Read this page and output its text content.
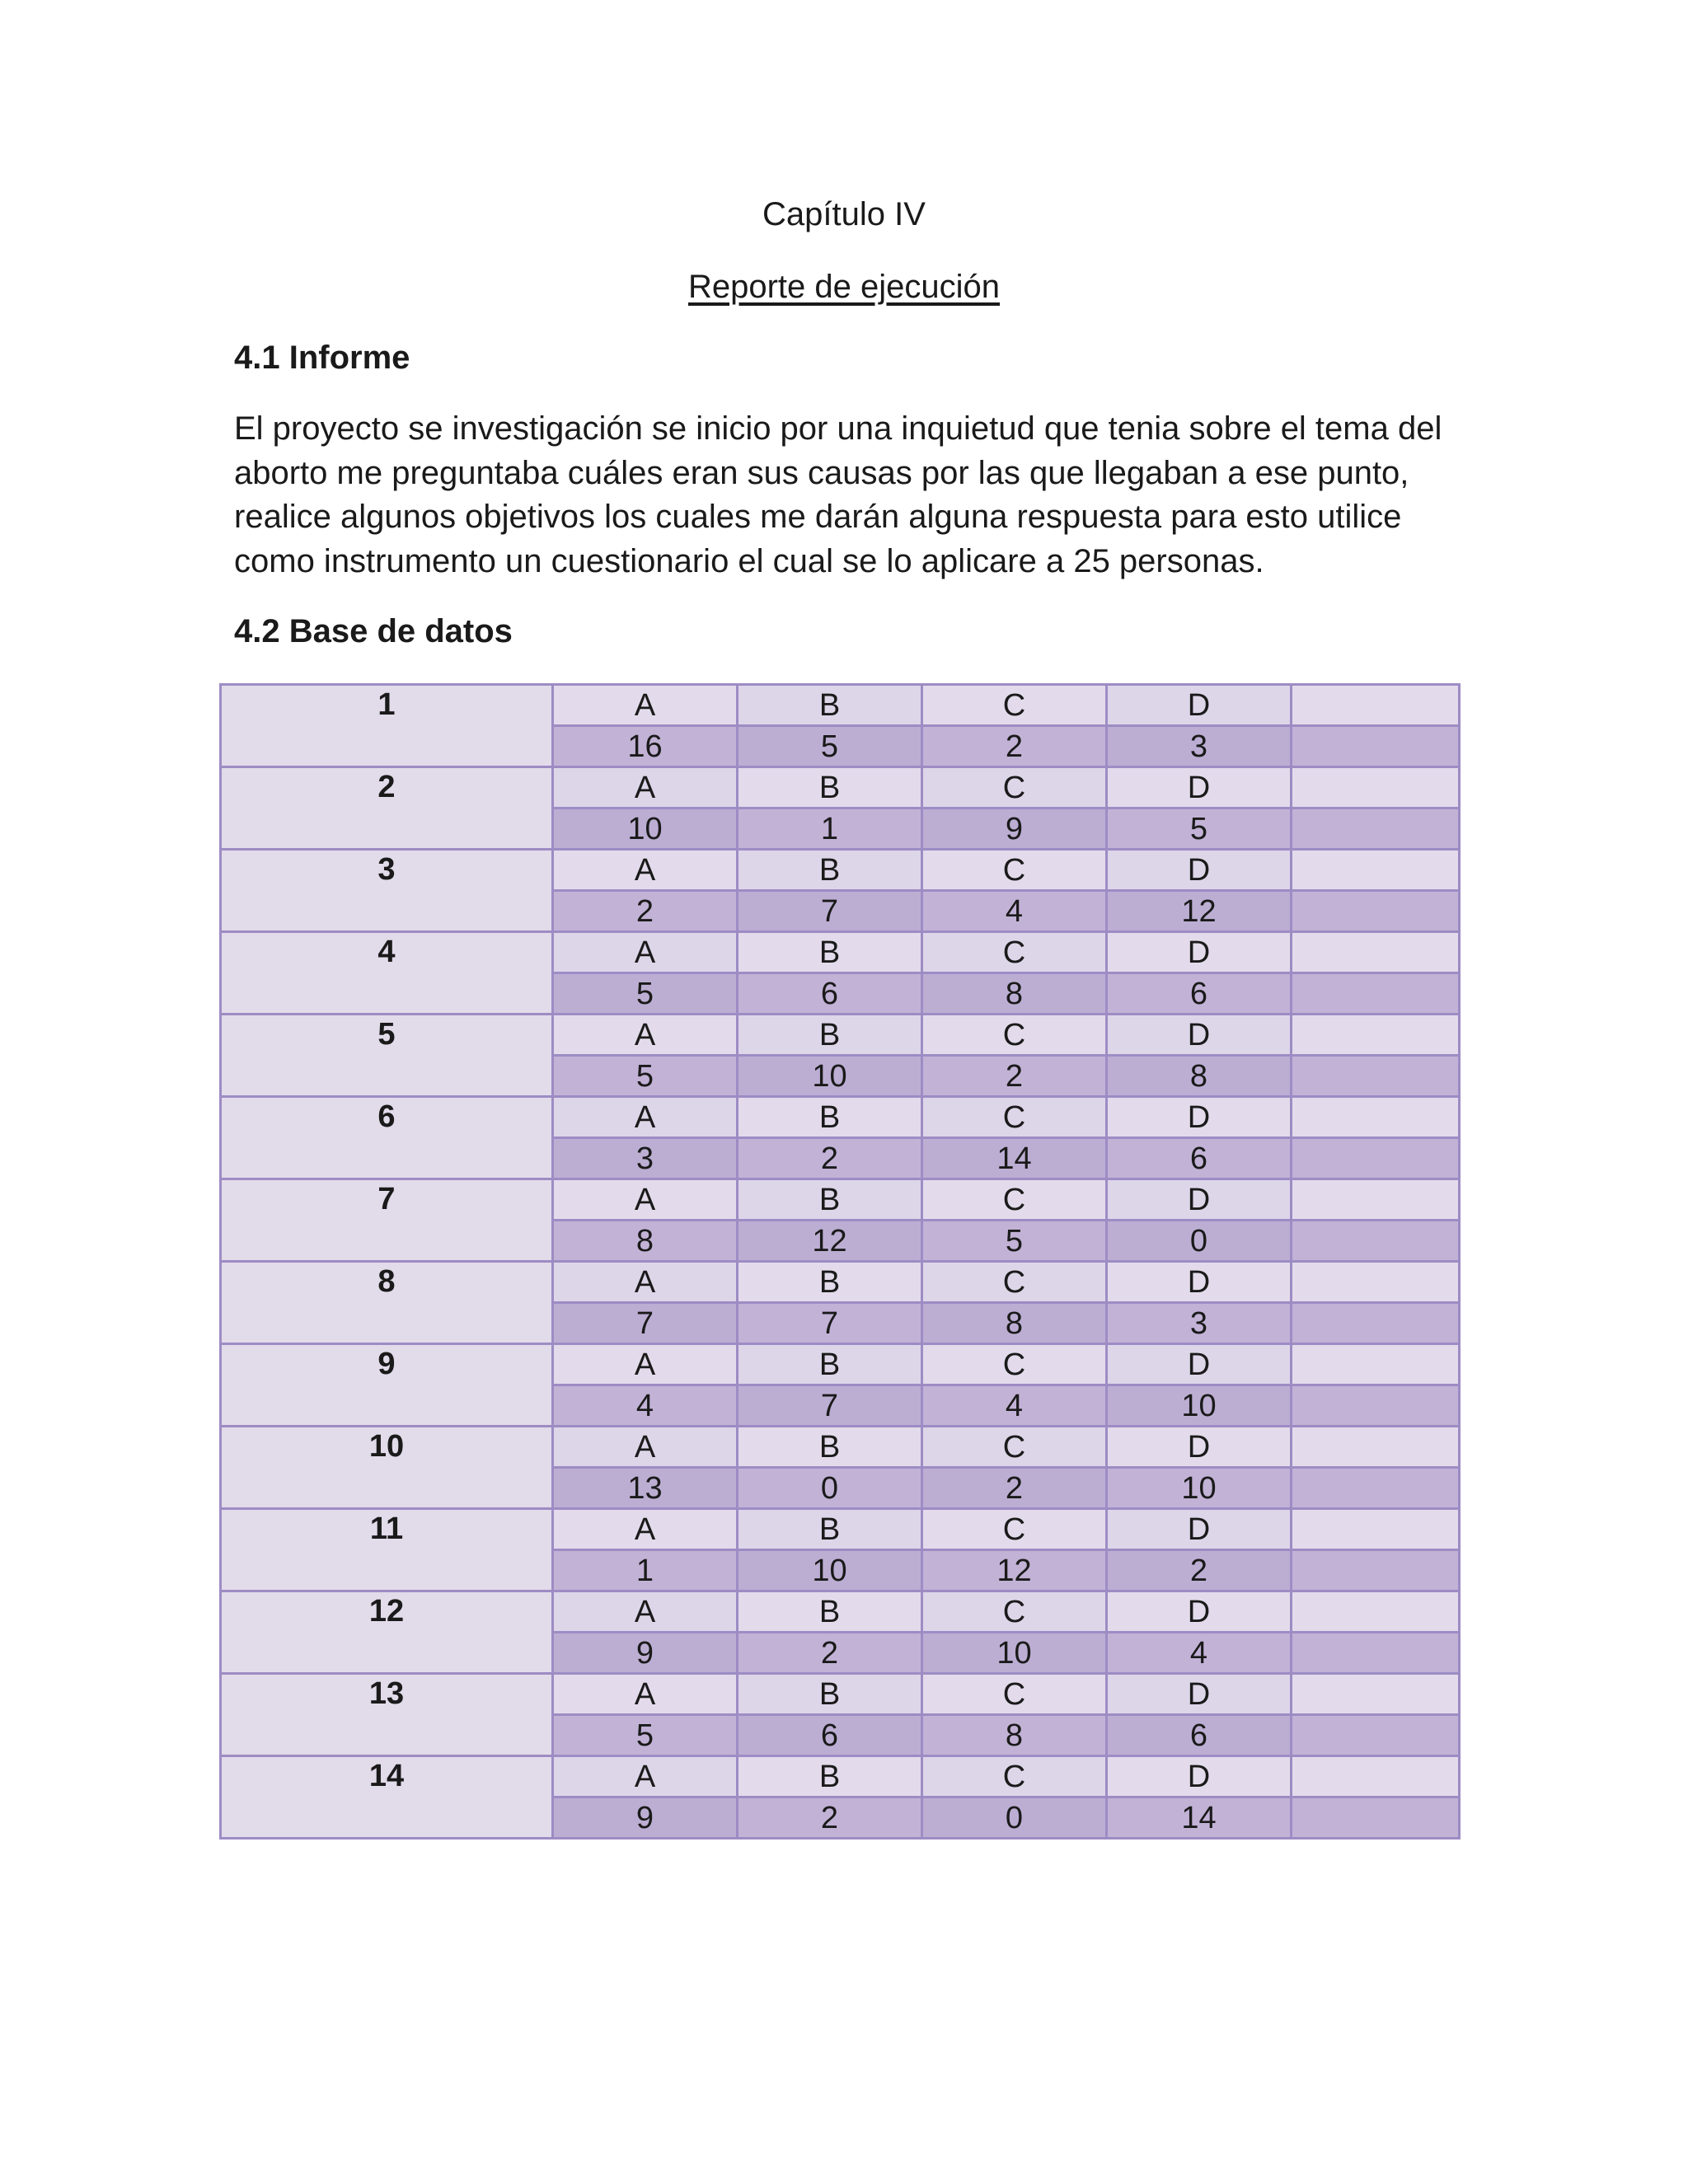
Capítulo IV
Reporte de ejecución
4.1 Informe
El proyecto se investigación se inicio por una inquietud que tenia sobre el tema del aborto me preguntaba cuáles eran sus causas por las que llegaban a ese punto, realice algunos objetivos los cuales me darán alguna respuesta para esto utilice como instrumento un cuestionario el cual se lo aplicare a 25 personas.
4.2 Base de datos
1	A	B	C	D	
	16	5	2	3	
2	A	B	C	D	
	10	1	9	5	
3	A	B	C	D	
	2	7	4	12	
4	A	B	C	D	
	5	6	8	6	
5	A	B	C	D	
	5	10	2	8	
6	A	B	C	D	
	3	2	14	6	
7	A	B	C	D	
	8	12	5	0	
8	A	B	C	D	
	7	7	8	3	
9	A	B	C	D	
	4	7	4	10	
10	A	B	C	D	
	13	0	2	10	
11	A	B	C	D	
	1	10	12	2	
12	A	B	C	D	
	9	2	10	4	
13	A	B	C	D	
	5	6	8	6	
14	A	B	C	D	
	9	2	0	14	
